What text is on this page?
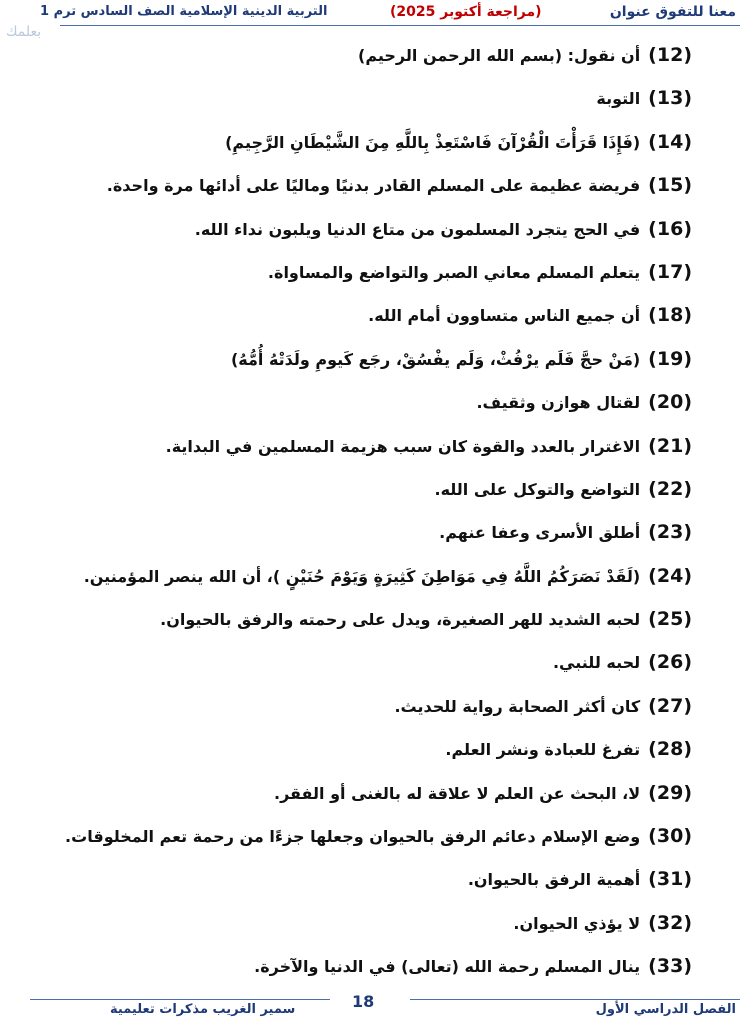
معنا للتفوق عنوان
(مراجعة أكتوبر 2025)
التربية الدينية الإسلامية الصف السادس ترم 1
بعلمك
(12)أن نقول: (بسم الله الرحمن الرحيم)
(13)التوبة
(14)(فَإِذَا قَرَأْتَ الْقُرْآنَ فَاسْتَعِذْ بِاللَّهِ مِنَ الشَّيْطَانِ الرَّجِيمِ)
(15)فريضة عظيمة على المسلم القادر بدنيًا وماليًا على أدائها مرة واحدة.
(16)في الحج يتجرد المسلمون من متاع الدنيا ويلبون نداء الله.
(17)يتعلم المسلم معاني الصبر والتواضع والمساواة.
(18)أن جميع الناس متساوون أمام الله.
(19)(مَنْ حجَّ فَلَم يرْفُثْ، وَلَم يفْسُقْ، رجَع كَيومِ ولَدَتْهُ أُمُّهُ)
(20)لقتال هوازن وثقيف.
(21)الاغترار بالعدد والقوة كان سبب هزيمة المسلمين في البداية.
(22)التواضع والتوكل على الله.
(23)أطلق الأسرى وعفا عنهم.
(24)(لَقَدْ نَصَرَكُمُ اللَّهُ فِي مَوَاطِنَ كَثِيرَةٍ وَيَوْمَ حُنَيْنٍ )، أن الله ينصر المؤمنين.
(25)لحبه الشديد للهر الصغيرة، ويدل على رحمته والرفق بالحيوان.
(26)لحبه للنبي.
(27)كان أكثر الصحابة رواية للحديث.
(28)تفرغ للعبادة ونشر العلم.
(29)لا، البحث عن العلم لا علاقة له بالغنى أو الفقر.
(30)وضع الإسلام دعائم الرفق بالحيوان وجعلها جزءًا من رحمة تعم المخلوقات.
(31)أهمية الرفق بالحيوان.
(32)لا يؤذي الحيوان.
(33)ينال المسلم رحمة الله (تعالى) في الدنيا والآخرة.
18	الفصل الدراسي الأول
سمير الغريب مذكرات تعليمية
